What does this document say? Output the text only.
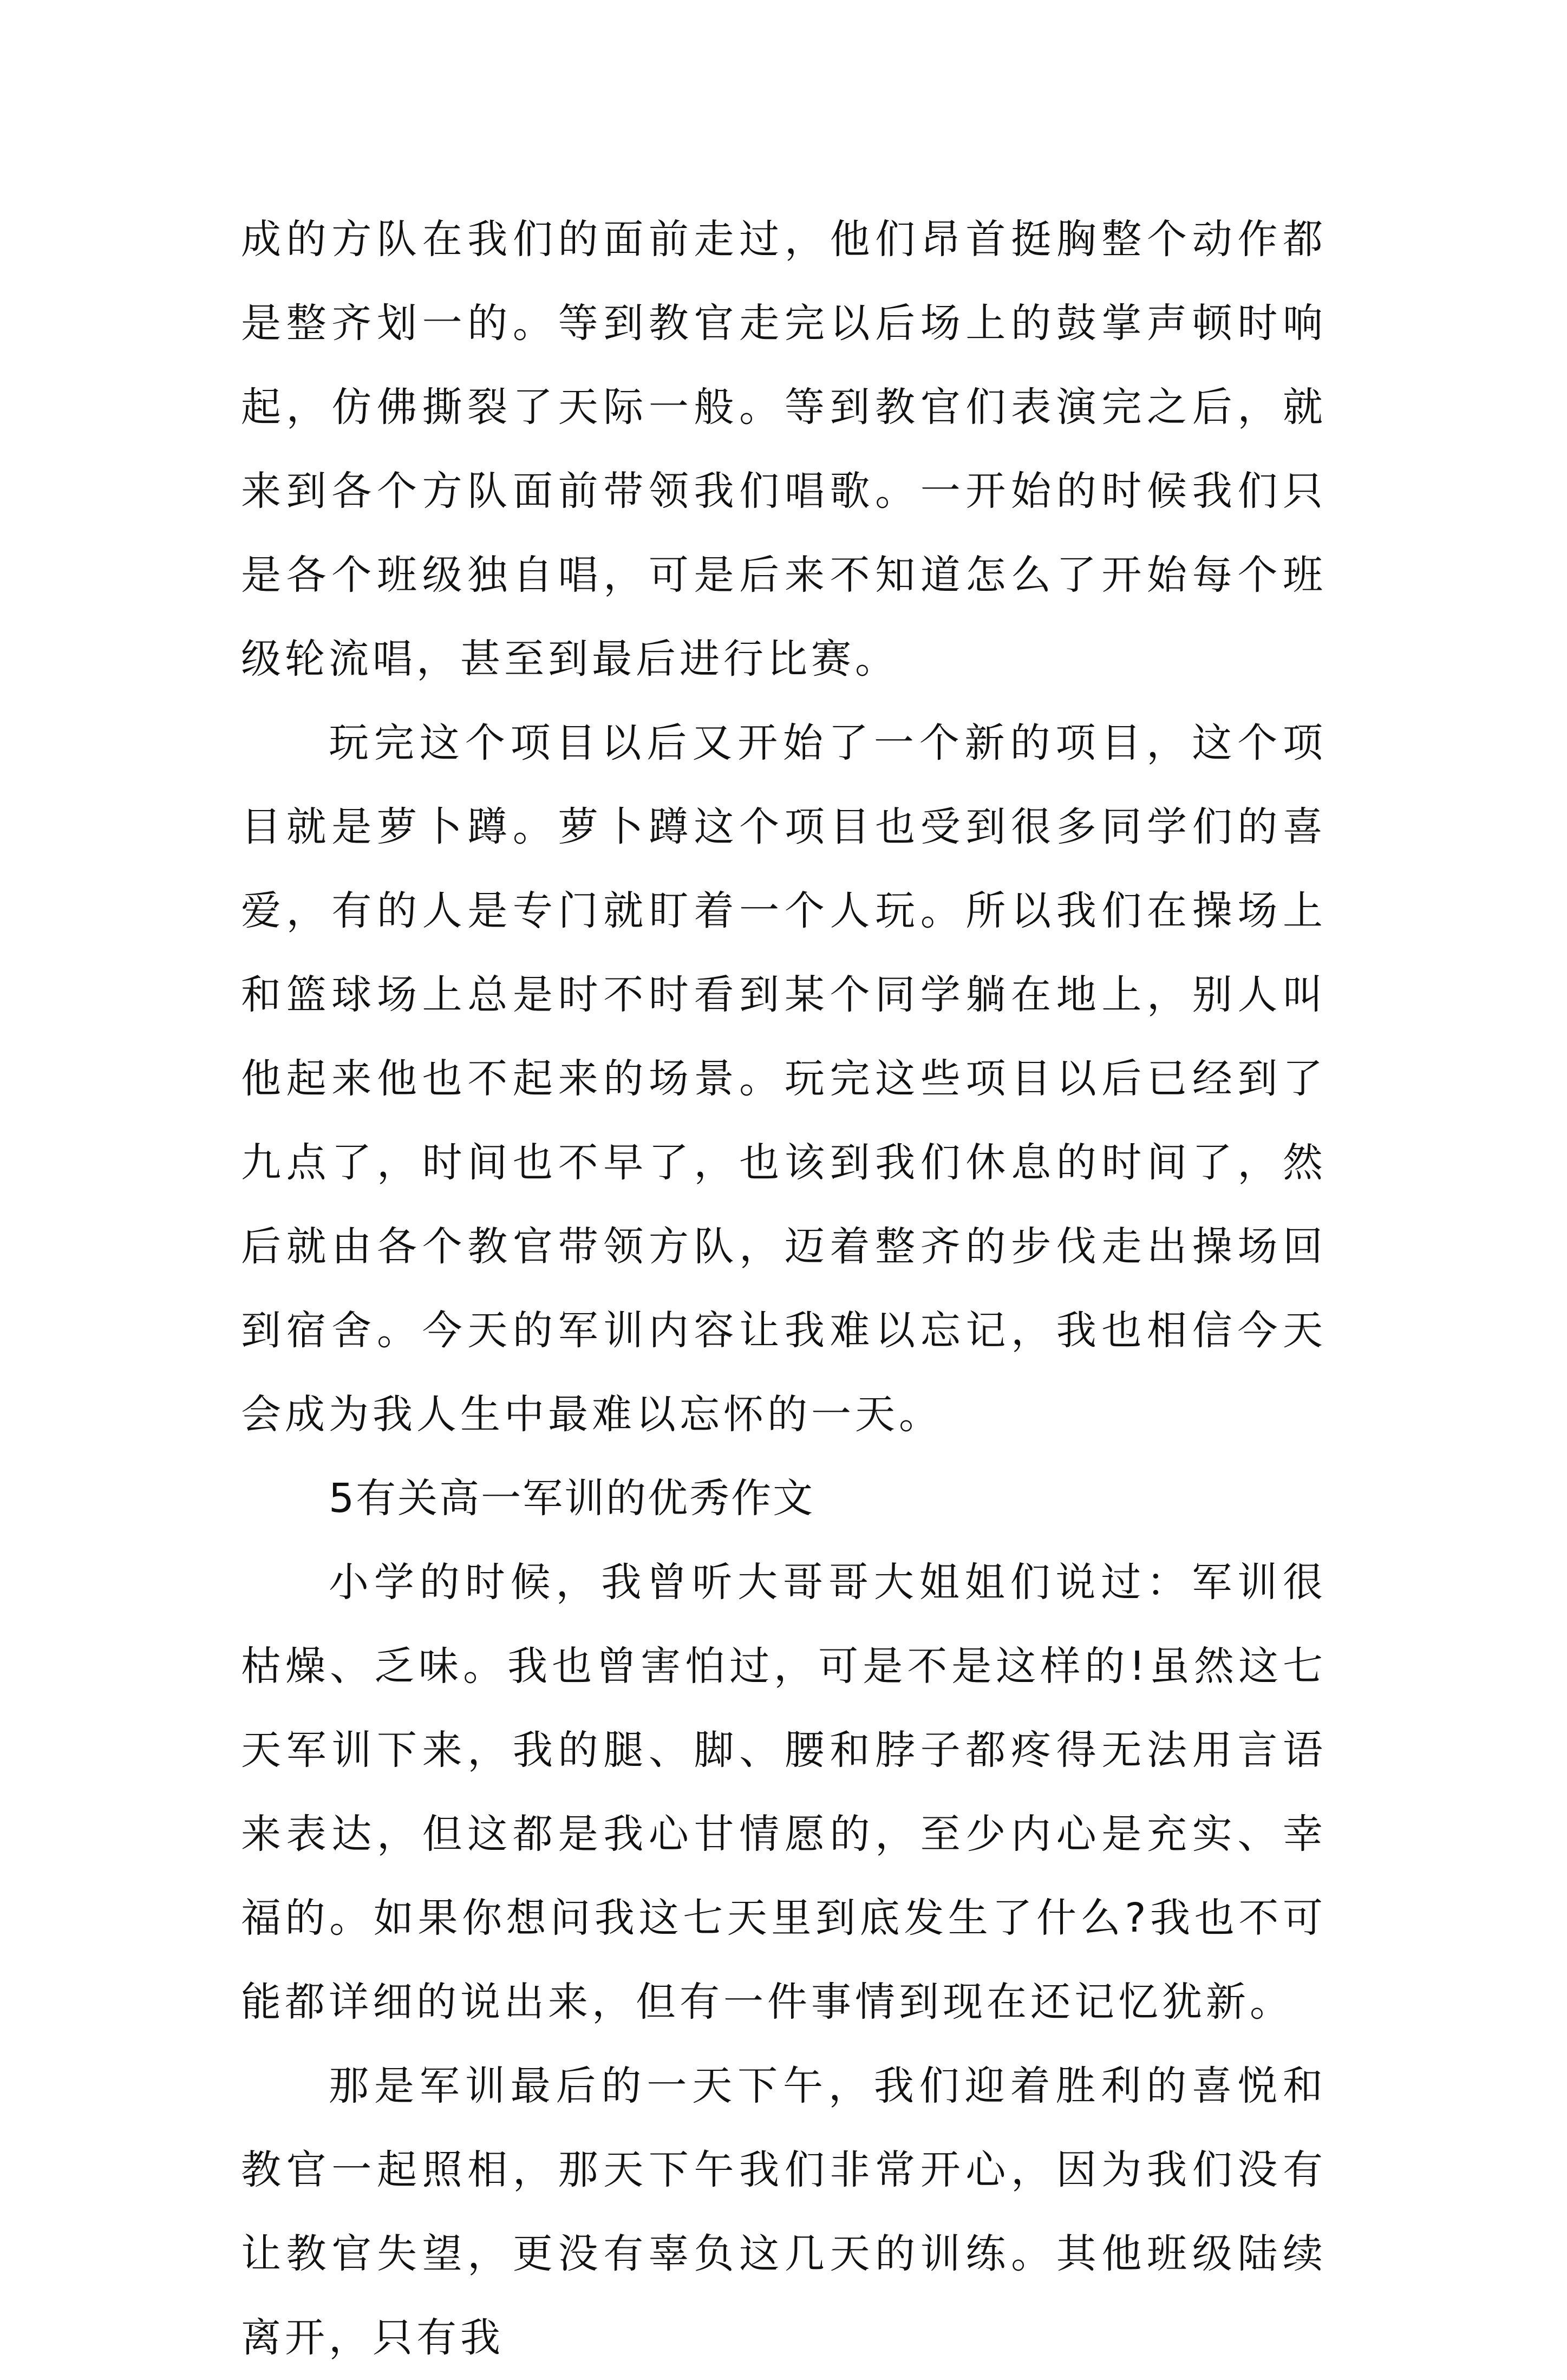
成的方队在我们的面前走过，他们昂首挺胸整个动作都是整齐划一的。等到教官走完以后场上的鼓掌声顿时响起，仿佛撕裂了天际一般。等到教官们表演完之后，就来到各个方队面前带领我们唱歌。一开始的时候我们只是各个班级独自唱，可是后来不知道怎么了开始每个班级轮流唱，甚至到最后进行比赛。

玩完这个项目以后又开始了一个新的项目，这个项目就是萝卜蹲。萝卜蹲这个项目也受到很多同学们的喜爱，有的人是专门就盯着一个人玩。所以我们在操场上和篮球场上总是时不时看到某个同学躺在地上，别人叫他起来他也不起来的场景。玩完这些项目以后已经到了九点了，时间也不早了，也该到我们休息的时间了，然后就由各个教官带领方队，迈着整齐的步伐走出操场回到宿舍。今天的军训内容让我难以忘记，我也相信今天会成为我人生中最难以忘怀的一天。

5有关高一军训的优秀作文

小学的时候，我曾听大哥哥大姐姐们说过：军训很枯燥、乏味。我也曾害怕过，可是不是这样的!虽然这七天军训下来，我的腿、脚、腰和脖子都疼得无法用言语来表达，但这都是我心甘情愿的，至少内心是充实、幸福的。如果你想问我这七天里到底发生了什么?我也不可能都详细的说出来，但有一件事情到现在还记忆犹新。

那是军训最后的一天下午，我们迎着胜利的喜悦和教官一起照相，那天下午我们非常开心，因为我们没有让教官失望，更没有辜负这几天的训练。其他班级陆续离开，只有我
